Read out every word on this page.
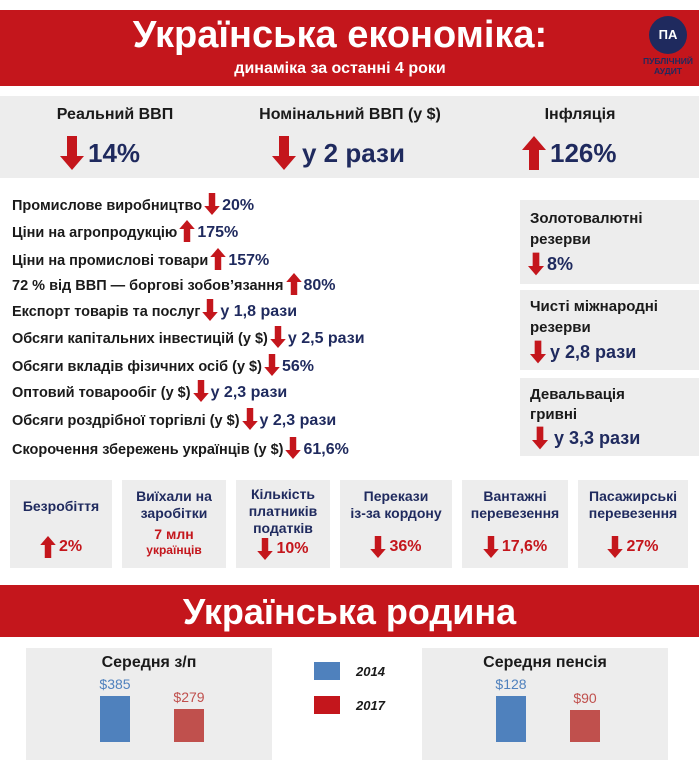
Українська економіка:
динаміка за останні 4 роки
ПА
ПУБЛІЧНИЙ
АУДИТ
Реальний ВВП
14%
Номінальний ВВП (у $)
у 2 рази
Інфляція
126%
Промислове виробництво 20%
Ціни на агропродукцію 175%
Ціни на промислові товари 157%
72 % від ВВП — боргові зобов’язання 80%
Експорт товарів та послуг у 1,8 рази
Обсяги капітальних інвестицій (у $) у 2,5 рази
Обсяги вкладів фізичних осіб (у $) 56%
Оптовий товарообіг (у $) у 2,3 рази
Обсяги роздрібної торгівлі (у $) у 2,3 рази
Скорочення збережень українців (у $) 61,6%
Золотовалютні
резерви
8%
Чисті міжнародні
резерви
у 2,8 рази
Девальвація
гривні
у 3,3 рази
Безробіття
2%
Виїхали на
заробітки
7 млн
українців
Кількість
платників
податків
10%
Перекази
із-за кордону
36%
Вантажні
перевезення
17,6%
Пасажирські
перевезення
27%
Українська родина
Середня з/п
$385
$279
2014
2017
Середня пенсія
$128
$90
